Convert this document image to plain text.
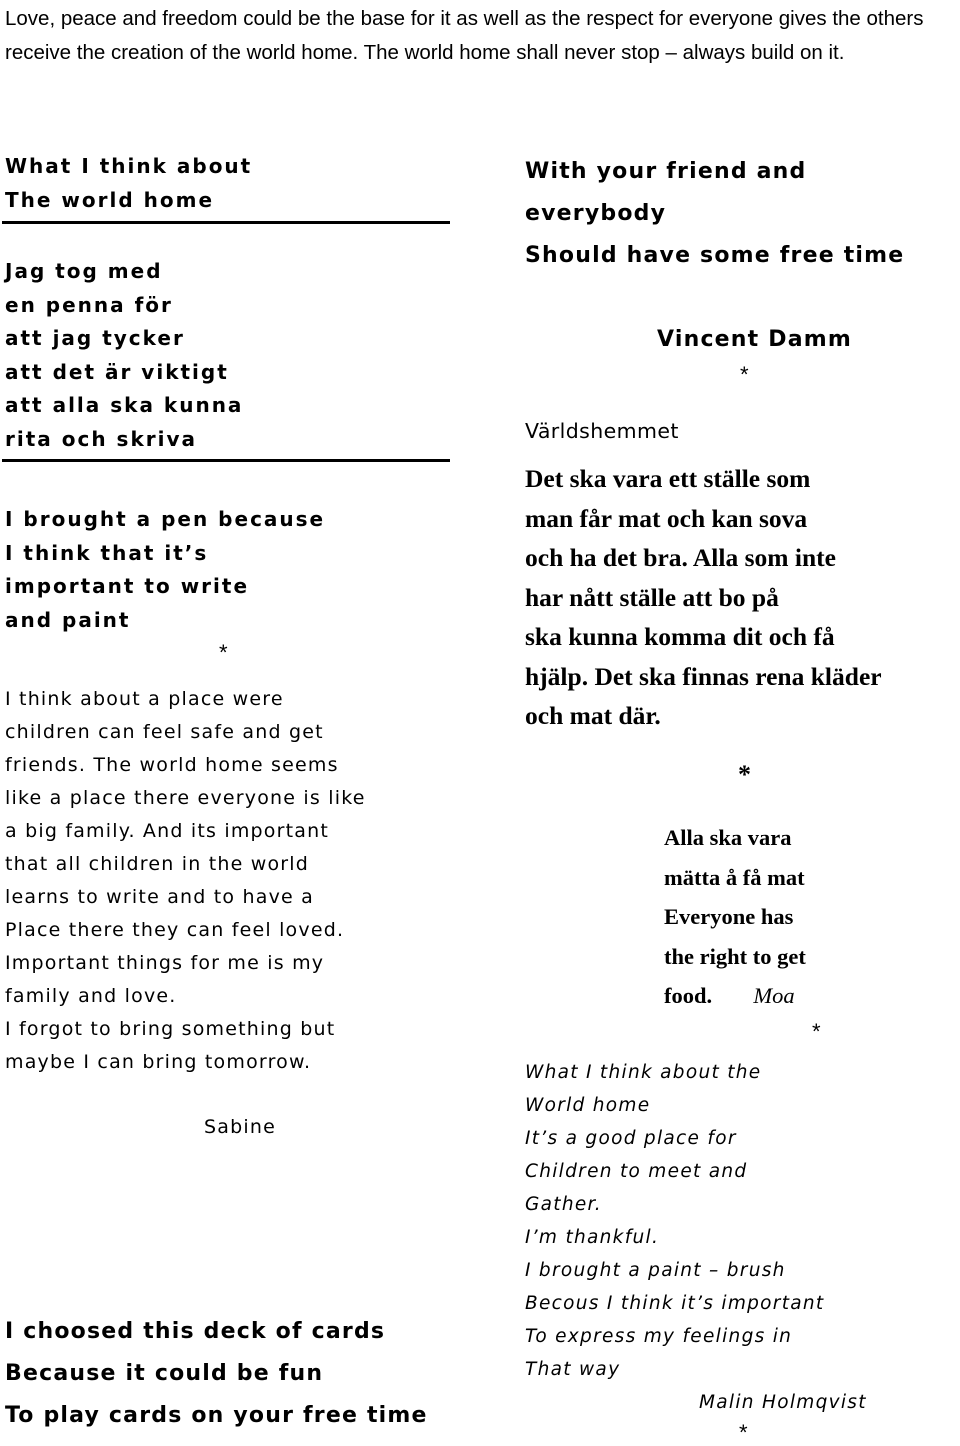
Love, peace and freedom could be the base for it as well as the respect for everyone gives the others receive the creation of the world home. The world home shall never stop – always build on it.
What I think about
The world home
Jag tog med
en penna för
att jag tycker
att det är viktigt
att alla ska kunna
rita och skriva
I brought a pen because
I think that it’s
important to write
and paint
*
I think about a place were
children can feel safe and get
friends. The world home seems
like a place there everyone is like
a big family. And its important
that all children in the world
learns to write and to have a
Place there they can feel loved.
Important things for me is my
family and love.
I forgot to bring something but
maybe I can bring tomorrow.
Sabine
I choosed this deck of cards
Because it could be fun
To play cards on your free time
With your friend and
everybody
Should have some free time
Vincent Damm
*
Världshemmet
Det ska vara ett ställe som
man får mat och kan sova
och ha det bra. Alla som inte
har nått ställe att bo på
ska kunna komma dit och få
hjälp. Det ska finnas rena kläder
och mat där.
*
Alla ska vara
mätta å få mat
Everyone has
the right to get
food. Moa
*
What I think about the
World home
It’s a good place for
Children to meet and
Gather.
I’m thankful.
I brought a paint – brush
Becous I think it’s important
To express my feelings in
That way
Malin Holmqvist
*
